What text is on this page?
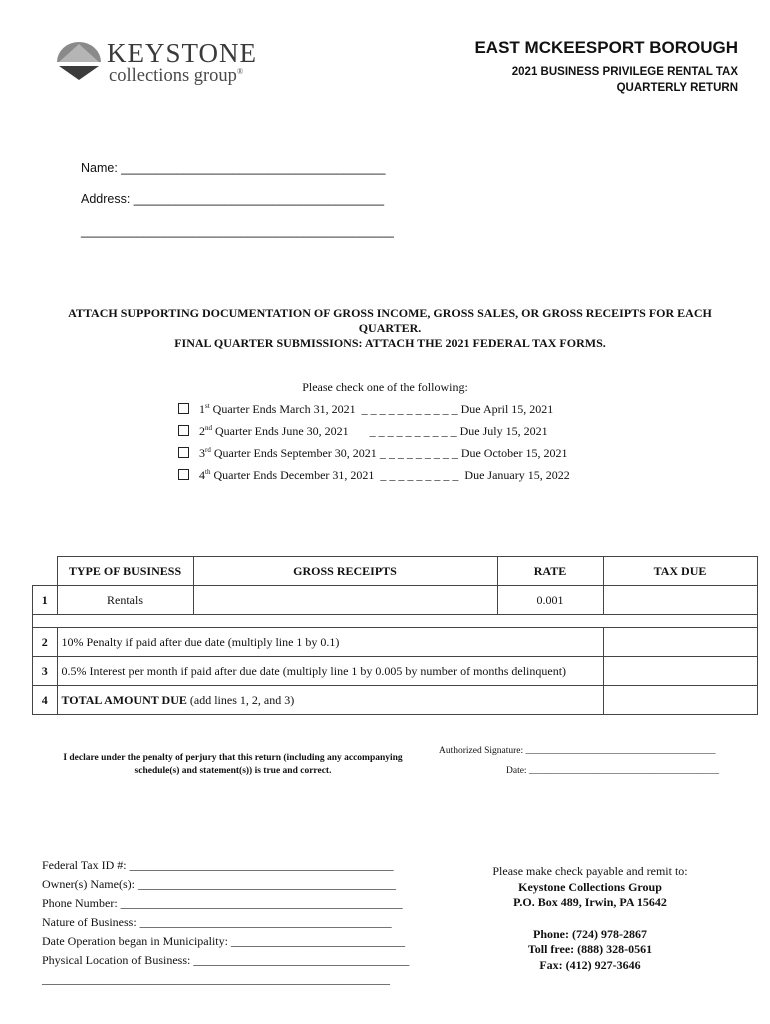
KEYSTONE
collections group®
EAST MCKEESPORT BOROUGH
2021 BUSINESS PRIVILEGE RENTAL TAX
QUARTERLY RETURN
Name: ______________________________________
Address: ____________________________________
_____________________________________________
ATTACH SUPPORTING DOCUMENTATION OF GROSS INCOME, GROSS SALES, OR GROSS RECEIPTS FOR EACH
QUARTER.
FINAL QUARTER SUBMISSIONS: ATTACH THE 2021 FEDERAL TAX FORMS.
Please check one of the following:
1st Quarter Ends March 31, 2021 _ _ _ _ _ _ _ _ _ _ _ Due April 15, 2021
2nd Quarter Ends June 30, 2021 _ _ _ _ _ _ _ _ _ _ Due July 15, 2021
3rd Quarter Ends September 30, 2021 _ _ _ _ _ _ _ _ _ Due October 15, 2021
4th Quarter Ends December 31, 2021 _ _ _ _ _ _ _ _ _ Due January 15, 2022
	TYPE OF BUSINESS	GROSS RECEIPTS	RATE	TAX DUE
1	Rentals		0.001	

2	10% Penalty if paid after due date (multiply line 1 by 0.1)			
3	0.5% Interest per month if paid after due date (multiply line 1 by 0.005 by number of months delinquent)			
4	TOTAL AMOUNT DUE (add lines 1, 2, and 3)			
I declare under the penalty of perjury that this return (including any accompanying
schedule(s) and statement(s)) is true and correct.
Authorized Signature: ________________________________________
Date: ________________________________________
Federal Tax ID #: ____________________________________________
Owner(s) Name(s): ___________________________________________
Phone Number: _______________________________________________
Nature of Business: __________________________________________
Date Operation began in Municipality: _____________________________
Physical Location of Business: ____________________________________
__________________________________________________________
Please make check payable and remit to:
Keystone Collections Group
P.O. Box 489, Irwin, PA 15642
Phone: (724) 978-2867
Toll free: (888) 328-0561
Fax: (412) 927-3646
